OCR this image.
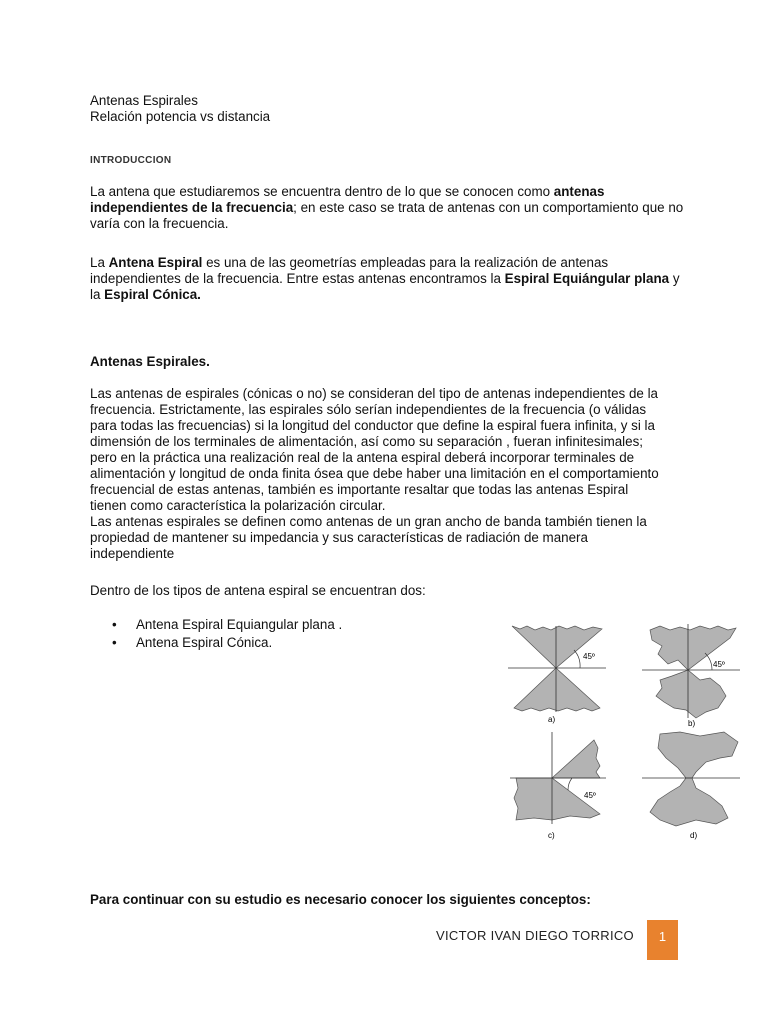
Antenas Espirales
Relación potencia vs distancia
INTRODUCCION
La antena que estudiaremos se encuentra dentro de lo que se conocen como antenas independientes de la frecuencia; en este caso se trata de antenas con un comportamiento que no varía con la frecuencia.
La Antena Espiral es una de las geometrías empleadas para la realización de antenas independientes de la frecuencia. Entre estas antenas encontramos la Espiral Equiángular plana y la Espiral Cónica.
Antenas Espirales.
Las antenas de espirales (cónicas o no) se consideran del tipo de antenas independientes de la
frecuencia. Estrictamente, las espirales sólo serían independientes de la frecuencia (o válidas
para todas las frecuencias) si la longitud del conductor que define la espiral fuera infinita, y si la
dimensión de los terminales de alimentación, así como su separación , fueran infinitesimales;
pero en la práctica una realización real de la antena espiral deberá incorporar terminales de
alimentación y longitud de onda finita ósea que debe haber una limitación en el comportamiento
frecuencial de estas antenas, también es importante resaltar que todas las antenas Espiral
tienen como característica la polarización circular.
Las antenas espirales se definen como antenas de un gran ancho de banda también tienen la
propiedad de mantener su impedancia y sus características de radiación de manera
independiente
Dentro de los tipos de antena espiral se encuentran dos:
• Antena Espiral Equiangular plana .
• Antena Espiral Cónica.
45º
a)
45º
b)
45º
c)	d)
Para continuar con su estudio es necesario conocer los siguientes conceptos:
VICTOR IVAN DIEGO TORRICO	1
